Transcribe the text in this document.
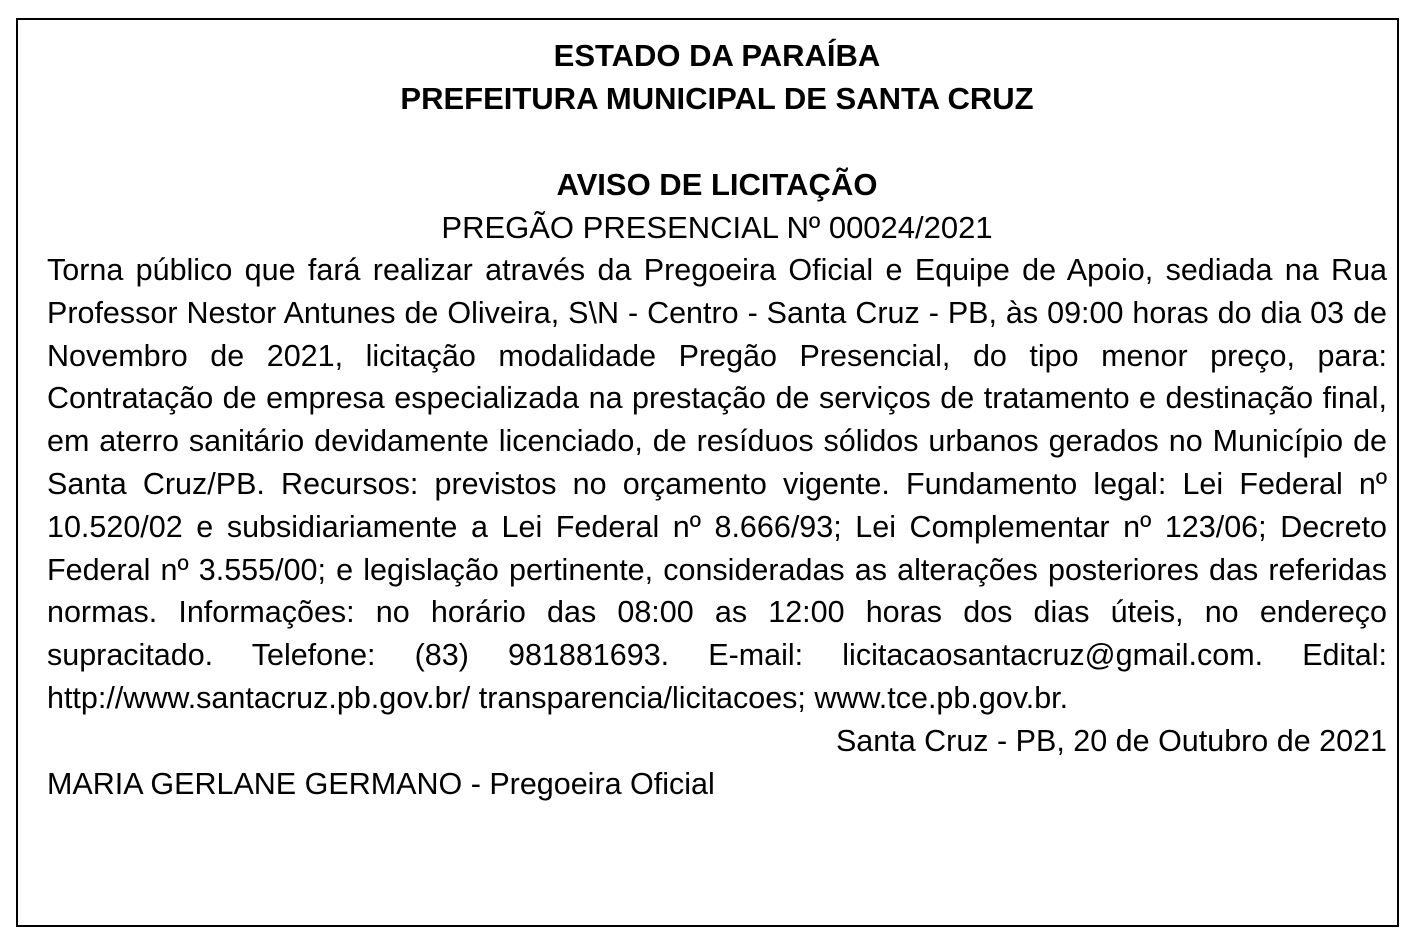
ESTADO DA PARAÍBA
PREFEITURA MUNICIPAL DE SANTA CRUZ
AVISO DE LICITAÇÃO
PREGÃO PRESENCIAL Nº 00024/2021
Torna público que fará realizar através da Pregoeira Oficial e Equipe de Apoio, sediada na Rua Professor Nestor Antunes de Oliveira, S\N - Centro - Santa Cruz - PB, às 09:00 horas do dia 03 de Novembro de 2021, licitação modalidade Pregão Presencial, do tipo menor preço, para: Contratação de empresa especializada na prestação de serviços de tratamento e destinação final, em aterro sanitário devidamente licenciado, de resíduos sólidos urbanos gerados no Município de Santa Cruz/PB. Recursos: previstos no orçamento vigente. Fundamento legal: Lei Federal nº 10.520/02 e subsidiariamente a Lei Federal nº 8.666/93; Lei Complementar nº 123/06; Decreto Federal nº 3.555/00; e legislação pertinente, consideradas as alterações posteriores das referidas normas. Informações: no horário das 08:00 as 12:00 horas dos dias úteis, no endereço supracitado. Telefone: (83) 981881693. E-mail: licitacaosantacruz@gmail.com. Edital: http://www.santacruz.pb.gov.br/ transparencia/licitacoes; www.tce.pb.gov.br.
Santa Cruz - PB, 20 de Outubro de 2021
MARIA GERLANE GERMANO - Pregoeira Oficial
